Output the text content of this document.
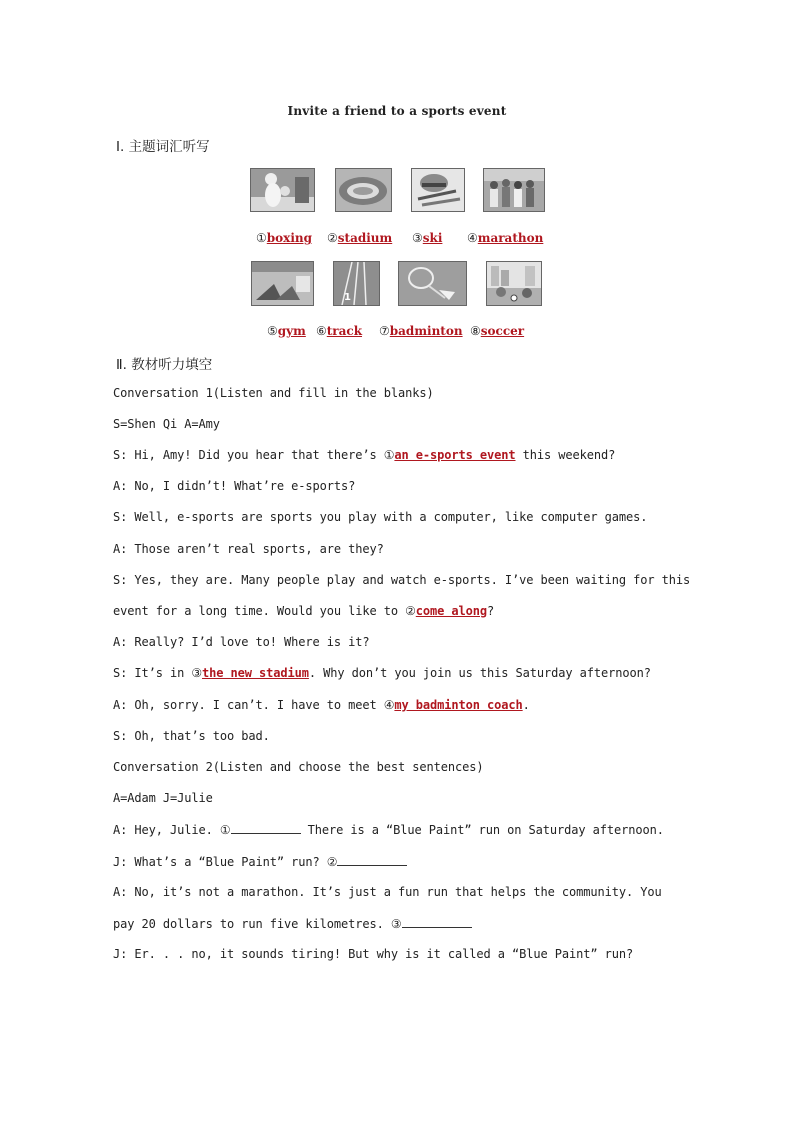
Invite a friend to a sports event
Ⅰ. 主题词汇听写
①boxing ②stadium ③ski ④marathon
1
⑤gym ⑥track ⑦badminton ⑧soccer
Ⅱ. 教材听力填空
Conversation 1(Listen and fill in the blanks)
S=Shen Qi A=Amy
S: Hi, Amy! Did you hear that there’s ①an e-sports event this weekend?
A: No, I didn’t! What’re e-sports?
S: Well, e-sports are sports you play with a computer, like computer games.
A: Those aren’t real sports, are they?
S: Yes, they are. Many people play and watch e-sports. I’ve been waiting for this
event for a long time. Would you like to ②come along?
A: Really? I’d love to! Where is it?
S: It’s in ③the new stadium. Why don’t you join us this Saturday afternoon?
A: Oh, sorry. I can’t. I have to meet ④my badminton coach.
S: Oh, that’s too bad.
Conversation 2(Listen and choose the best sentences)
A=Adam J=Julie
A: Hey, Julie. ①	There is a “Blue Paint” run on Saturday afternoon.
J: What’s a “Blue Paint” run? ②
A: No, it’s not a marathon. It’s just a fun run that helps the community. You
pay 20 dollars to run five kilometres. ③
J: Er. . . no, it sounds tiring! But why is it called a “Blue Paint” run?
